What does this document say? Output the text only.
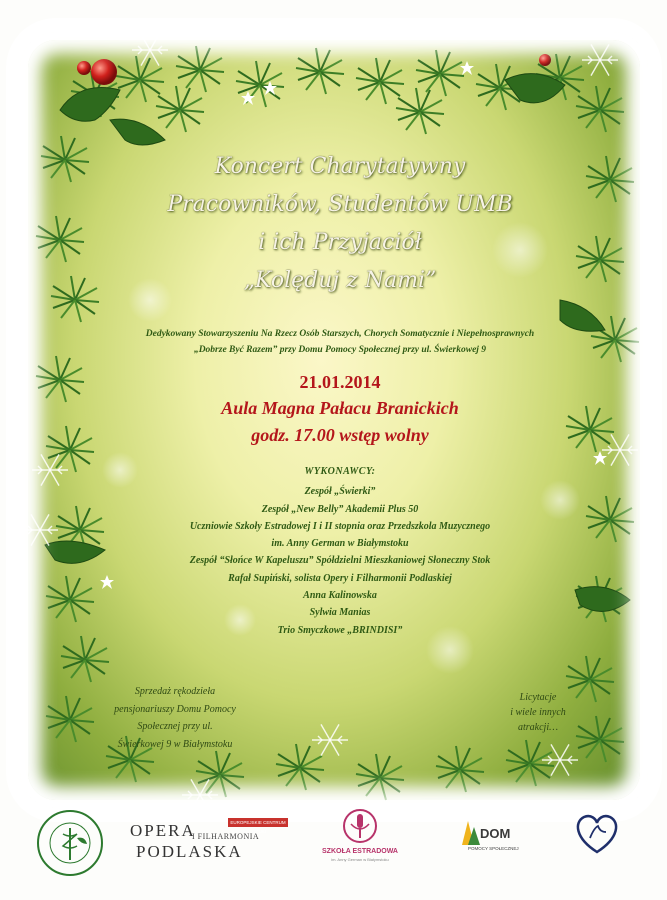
Koncert Charytatywny
Pracowników, Studentów UMB
i ich Przyjaciół
„Kolęduj z Nami”
Dedykowany Stowarzyszeniu Na Rzecz Osób Starszych, Chorych Somatycznie i Niepełnosprawnych
„Dobrze Być Razem” przy Domu Pomocy Społecznej przy ul. Świerkowej 9
21.01.2014
Aula Magna Pałacu Branickich
godz. 17.00 wstęp wolny
WYKONAWCY:
Zespół „Świerki”
Zespół „New Belly” Akademii Plus 50
Uczniowie Szkoły Estradowej I i II stopnia oraz Przedszkola Muzycznego
im. Anny German w Białymstoku
Zespół “Słońce W Kapeluszu” Spółdzielni Mieszkaniowej Słoneczny Stok
Rafał Supiński, solista Opery i Filharmonii Podlaskiej
Anna Kalinowska
Sylwia Manias
Trio Smyczkowe „BRINDISI”
Sprzedaż rękodzieła
pensjonariuszy Domu Pomocy
Społecznej przy ul.
Świerkowej 9 w Białymstoku
Licytacje
i wiele innych
atrakcji…
OPERA
I FILHARMONIA
PODLASKA
EUROPEJSKIE CENTRUM SZTUKI
SZKOŁA ESTRADOWA
im. Anny German w Białymstoku
DOM
POMOCY SPOŁECZNEJ
